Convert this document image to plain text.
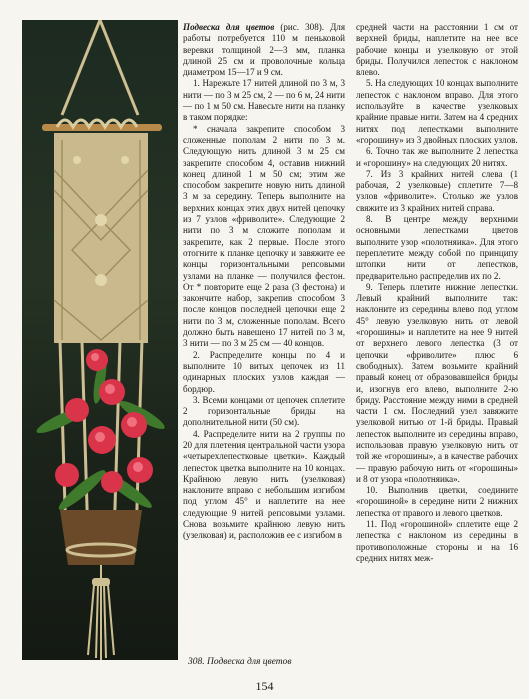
Подвеска для цветов (рис. 308). Для работы потребуется 110 м пеньковой веревки толщиной 2—3 мм, планка длиной 25 см и проволочные кольца диаметром 15—17 и 9 см.

1. Нарежьте 17 нитей длиной по 3 м, 3 нити — по 3 м 25 см, 2 — по 6 м, 24 нити — по 1 м 50 см. Навесьте нити на планку в таком порядке:

* сначала закрепите способом 3 сложенные пополам 2 нити по 3 м. Следующую нить длиной 3 м 25 см закрепите способом 4, оставив нижний конец длиной 1 м 50 см; этим же способом закрепите новую нить длиной 3 м за середину. Теперь выполните на верхних концах этих двух нитей цепочку из 7 узлов «фриволите». Следующие 2 нити по 3 м сложите пополам и закрепите, как 2 первые. После этого отогните к планке цепочку и завяжите ее концы горизонтальными репсовыми узлами на планке — получился фестон. От * повторите еще 2 раза (3 фестона) и закончите набор, закрепив способом 3 после концов последней цепочки еще 2 нити по 3 м, сложенные пополам. Всего должно быть навешено 17 нитей по 3 м, 3 нити — по 3 м 25 см — 40 концов.

2. Распределите концы по 4 и выполните 10 витых цепочек из 11 одинарных плоских узлов каждая — бордюр.

3. Всеми концами от цепочек сплетите 2 горизонтальные бриды на дополнительной нити (50 см).

4. Распределите нити на 2 группы по 20 для плетения центральной части узора «четырехлепестковые цветки». Каждый лепесток цветка выполните на 10 концах. Крайнюю левую нить (узелковая) наклоните вправо с небольшим изгибом под углом 45° и наплетите на нее следующие 9 нитей репсовыми узлами. Снова возьмите крайнюю левую нить (узелковая) и, расположив ее с изгибом в

средней части на расстоянии 1 см от верхней бриды, наплетите на нее все рабочие концы и узелковую от этой бриды. Получился лепесток с наклоном влево.

5. На следующих 10 концах выполните лепесток с наклоном вправо. Для этого используйте в качестве узелковых крайние правые нити. Затем на 4 средних нитях под лепестками выполните «горошину» из 3 двойных плоских узлов.

6. Точно так же выполните 2 лепестка и «горошину» на следующих 20 нитях.

7. Из 3 крайних нитей слева (1 рабочая, 2 узелковые) сплетите 7—8 узлов «фриволите». Столько же узлов свяжите из 3 крайних нитей справа.

8. В центре между верхними основными лепестками цветов выполните узор «полотняика». Для этого переплетите между собой по принципу штопки нити от лепестков, предварительно распределив их по 2.

9. Теперь плетите нижние лепестки. Левый крайний выполните так: наклоните из середины влево под углом 45° левую узелковую нить от левой «горошины» и наплетите на нее 9 нитей от верхнего левого лепестка (3 от цепочки «фриволите» плюс 6 свободных). Затем возьмите крайний правый конец от образовавшейся бриды и, изогнув его влево, выполните 2-ю бриду. Расстояние между ними в средней части 1 см. Последний узел завяжите узелковой нитью от 1-й бриды. Правый лепесток выполните из середины вправо, использовав правую узелковую нить от той же «горошины», а в качестве рабочих — правую рабочую нить от «горошины» и 8 от узора «полотняика».

10. Выполнив цветки, соедините «горошиной» в середине нити 2 нижних лепестка от правого и левого цветков.

11. Под «горошиной» сплетите еще 2 лепестка с наклоном из середины в противоположные стороны и на 16 средних нитях меж-

308. Подвеска для цветов
154
